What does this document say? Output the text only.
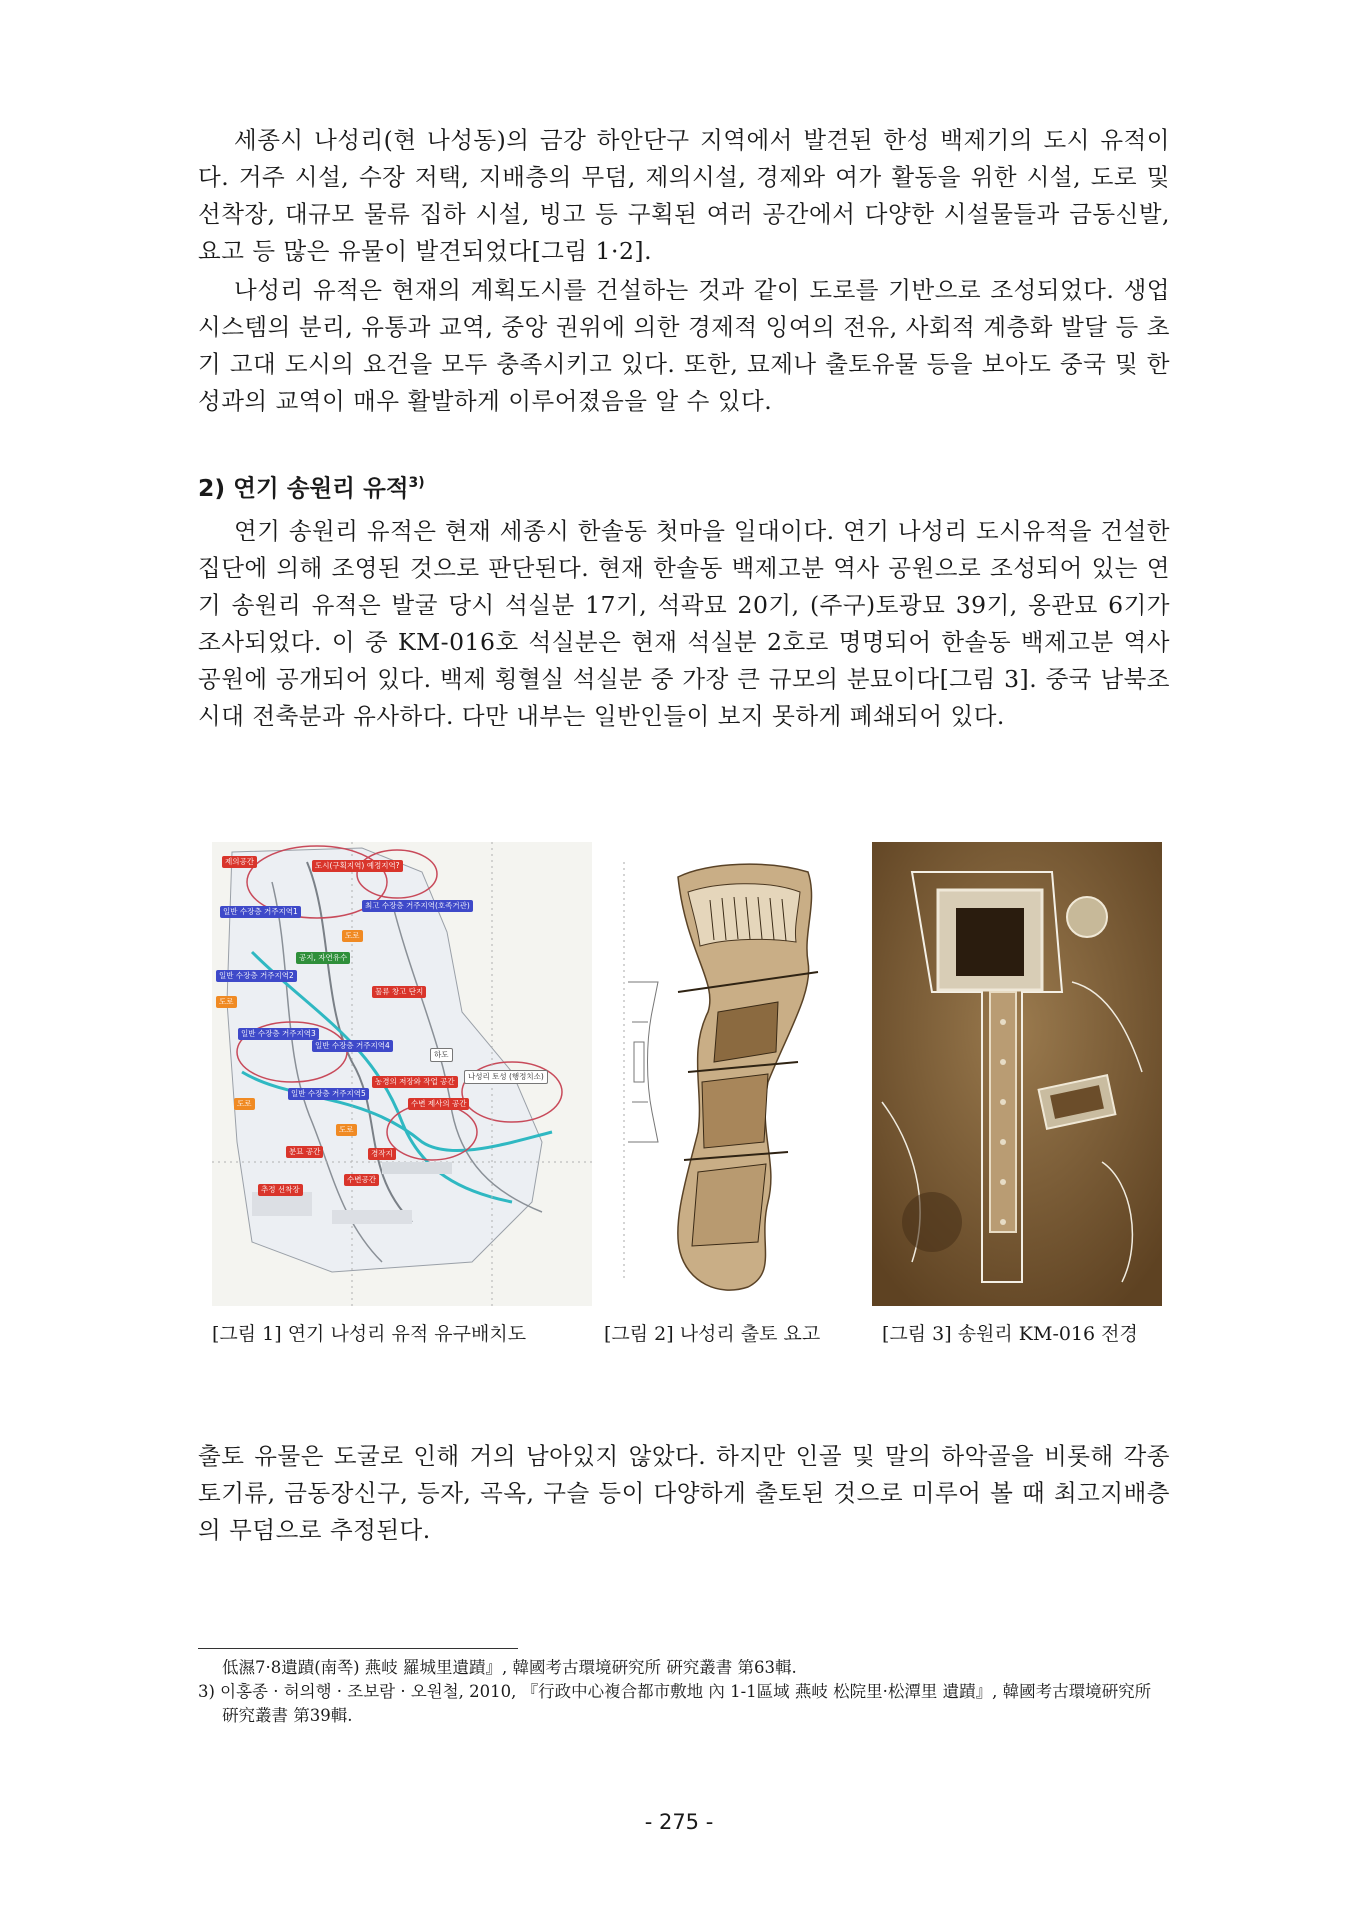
세종시 나성리(현 나성동)의 금강 하안단구 지역에서 발견된 한성 백제기의 도시 유적이다. 거주 시설, 수장 저택, 지배층의 무덤, 제의시설, 경제와 여가 활동을 위한 시설, 도로 및 선착장, 대규모 물류 집하 시설, 빙고 등 구획된 여러 공간에서 다양한 시설물들과 금동신발, 요고 등 많은 유물이 발견되었다[그림 1·2].

나성리 유적은 현재의 계획도시를 건설하는 것과 같이 도로를 기반으로 조성되었다. 생업 시스템의 분리, 유통과 교역, 중앙 권위에 의한 경제적 잉여의 전유, 사회적 계층화 발달 등 초기 고대 도시의 요건을 모두 충족시키고 있다. 또한, 묘제나 출토유물 등을 보아도 중국 및 한성과의 교역이 매우 활발하게 이루어졌음을 알 수 있다.

2) 연기 송원리 유적$^{3)}$

연기 송원리 유적은 현재 세종시 한솔동 첫마을 일대이다. 연기 나성리 도시유적을 건설한 집단에 의해 조영된 것으로 판단된다. 현재 한솔동 백제고분 역사 공원으로 조성되어 있는 연기 송원리 유적은 발굴 당시 석실분 17기, 석곽묘 20기, (주구)토광묘 39기, 옹관묘 6기가 조사되었다. 이 중 KM-016호 석실분은 현재 석실분 2호로 명명되어 한솔동 백제고분 역사공원에 공개되어 있다. 백제 횡혈실 석실분 중 가장 큰 규모의 분묘이다[그림 3]. 중국 남북조시대 전축분과 유사하다. 다만 내부는 일반인들이 보지 못하게 폐쇄되어 있다.

제의공간	도시(구획지역) 예정지역?
일반 수장층 거주지역1
최고 수장층 거주지역(호족거관)
도로
공지, 자연유수
일반 수장층 거주지역2
도로
물류 창고 단지
일반 수장층 거주지역3
일반 수장층 거주지역4
하도
나성리 토성 (행정치소)
농경의 저장와 작업 공간
일반 수장층 거주지역5
수변 제사의 공간
도로
도로
분묘 공간	경작지
수변공간
추정 선착장
[그림 1] 연기 나성리 유적 유구배치도	[그림 2] 나성리 출토 요고	[그림 3] 송원리 KM-016 전경

출토 유물은 도굴로 인해 거의 남아있지 않았다. 하지만 인골 및 말의 하악골을 비롯해 각종 토기류, 금동장신구, 등자, 곡옥, 구슬 등이 다양하게 출토된 것으로 미루어 볼 때 최고지배층의 무덤으로 추정된다.

低濕7·8遺蹟(南쪽) 燕岐 羅城里遺蹟』, 韓國考古環境硏究所 硏究叢書 第63輯.

3) 이홍종 · 허의행 · 조보람 · 오원철, 2010, 『行政中心複合都市敷地 內 1-1區域 燕岐 松院里·松潭里 遺蹟』, 韓國考古環境硏究所 硏究叢書 第39輯.

- 275 -
